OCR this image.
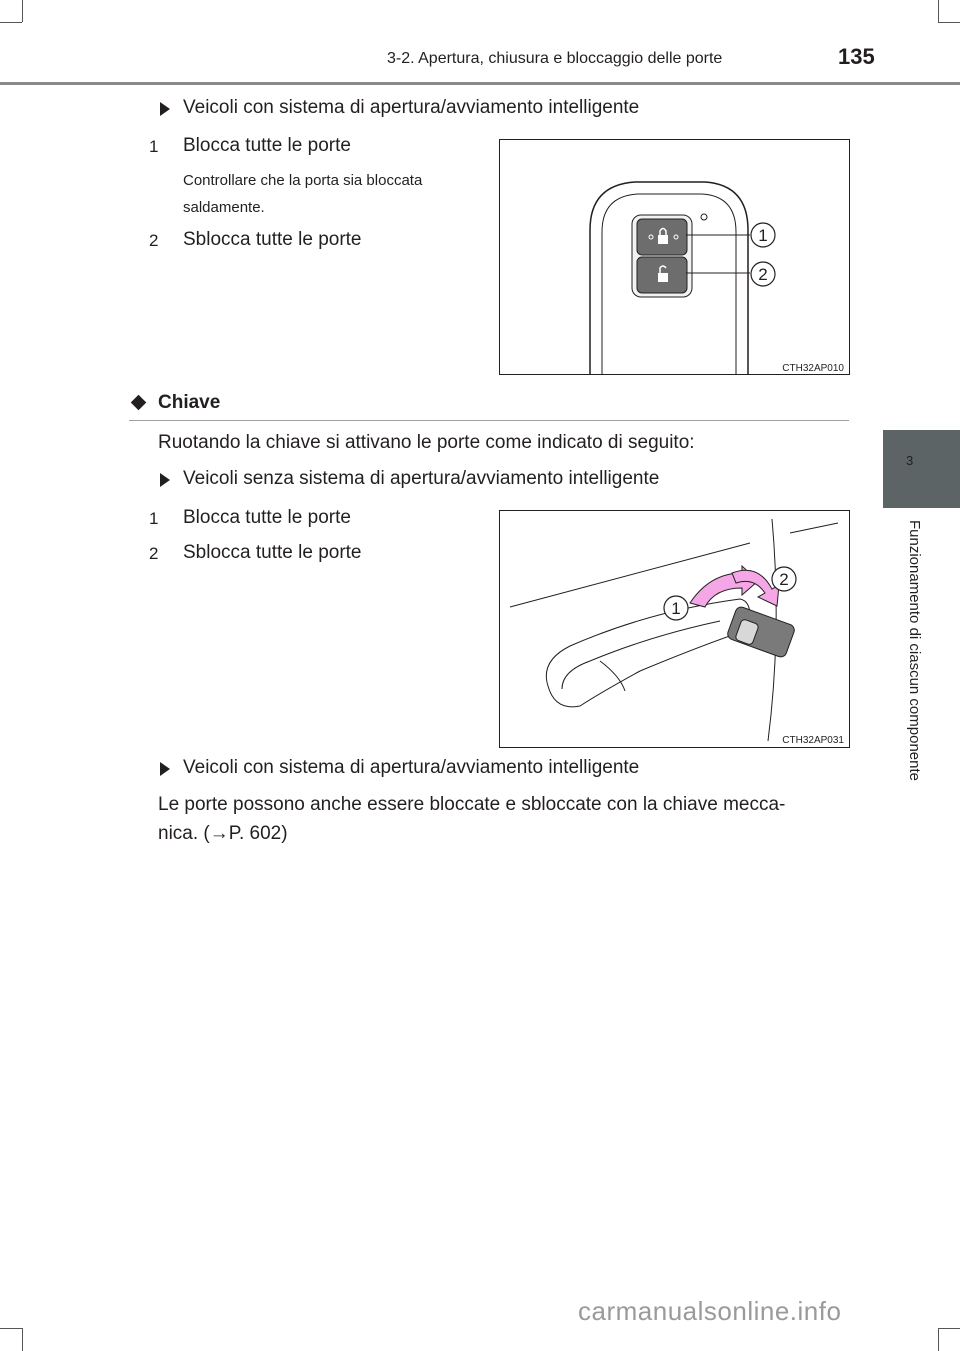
3-2. Apertura, chiusura e bloccaggio delle porte	135
3
Funzionamento di ciascun componente
Veicoli con sistema di apertura/avviamento intelligente
1 Blocca tutte le porte
Controllare che la porta sia bloccata
saldamente.
2 Sblocca tutte le porte	1
2
CTH32AP010
Chiave
Ruotando la chiave si attivano le porte come indicato di seguito:
Veicoli senza sistema di apertura/avviamento intelligente
1 Blocca tutte le porte
2 Sblocca tutte le porte
1
2
CTH32AP031
Veicoli con sistema di apertura/avviamento intelligente
Le porte possono anche essere bloccate e sbloccate con la chiave mecca-
nica. (→P. 602)
carmanualsonline.info
